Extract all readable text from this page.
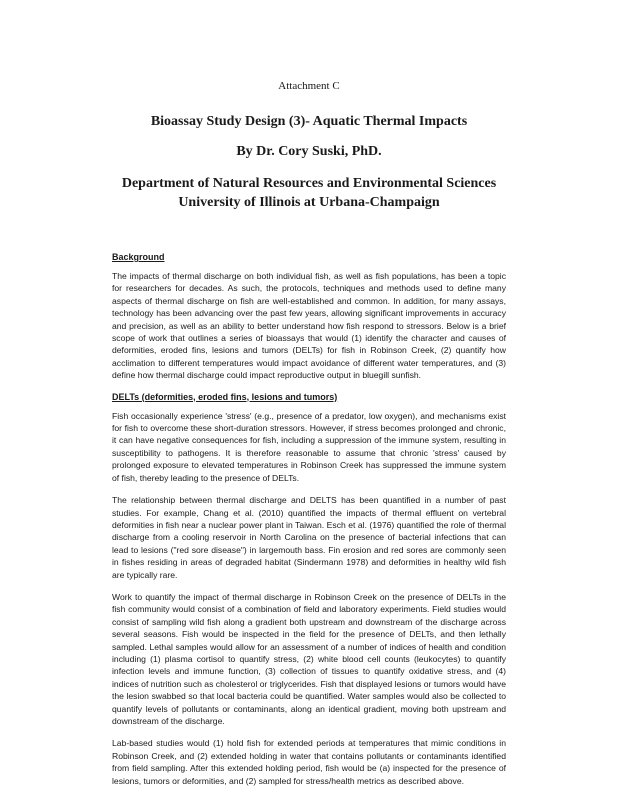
Attachment C

Bioassay Study Design (3)- Aquatic Thermal Impacts

By Dr. Cory Suski, PhD.

Department of Natural Resources and Environmental Sciences

University of Illinois at Urbana-Champaign

Background

The impacts of thermal discharge on both individual fish, as well as fish populations, has been a topic for researchers for decades. As such, the protocols, techniques and methods used to define many aspects of thermal discharge on fish are well-established and common. In addition, for many assays, technology has been advancing over the past few years, allowing significant improvements in accuracy and precision, as well as an ability to better understand how fish respond to stressors. Below is a brief scope of work that outlines a series of bioassays that would (1) identify the character and causes of deformities, eroded fins, lesions and tumors (DELTs) for fish in Robinson Creek, (2) quantify how acclimation to different temperatures would impact avoidance of different water temperatures, and (3) define how thermal discharge could impact reproductive output in bluegill sunfish.

DELTs (deformities, eroded fins, lesions and tumors)

Fish occasionally experience 'stress' (e.g., presence of a predator, low oxygen), and mechanisms exist for fish to overcome these short-duration stressors. However, if stress becomes prolonged and chronic, it can have negative consequences for fish, including a suppression of the immune system, resulting in susceptibility to pathogens. It is therefore reasonable to assume that chronic 'stress' caused by prolonged exposure to elevated temperatures in Robinson Creek has suppressed the immune system of fish, thereby leading to the presence of DELTs.

The relationship between thermal discharge and DELTS has been quantified in a number of past studies. For example, Chang et al. (2010) quantified the impacts of thermal effluent on vertebral deformities in fish near a nuclear power plant in Taiwan. Esch et al. (1976) quantified the role of thermal discharge from a cooling reservoir in North Carolina on the presence of bacterial infections that can lead to lesions ("red sore disease") in largemouth bass. Fin erosion and red sores are commonly seen in fishes residing in areas of degraded habitat (Sindermann 1978) and deformities in healthy wild fish are typically rare.

Work to quantify the impact of thermal discharge in Robinson Creek on the presence of DELTs in the fish community would consist of a combination of field and laboratory experiments. Field studies would consist of sampling wild fish along a gradient both upstream and downstream of the discharge across several seasons. Fish would be inspected in the field for the presence of DELTs, and then lethally sampled. Lethal samples would allow for an assessment of a number of indices of health and condition including (1) plasma cortisol to quantify stress, (2) white blood cell counts (leukocytes) to quantify infection levels and immune function, (3) collection of tissues to quantify oxidative stress, and (4) indices of nutrition such as cholesterol or triglycerides. Fish that displayed lesions or tumors would have the lesion swabbed so that local bacteria could be quantified. Water samples would also be collected to quantify levels of pollutants or contaminants, along an identical gradient, moving both upstream and downstream of the discharge.

Lab-based studies would (1) hold fish for extended periods at temperatures that mimic conditions in Robinson Creek, and (2) extended holding in water that contains pollutants or contaminants identified from field sampling. After this extended holding period, fish would be (a) inspected for the presence of lesions, tumors or deformities, and (2) sampled for stress/health metrics as described above.
